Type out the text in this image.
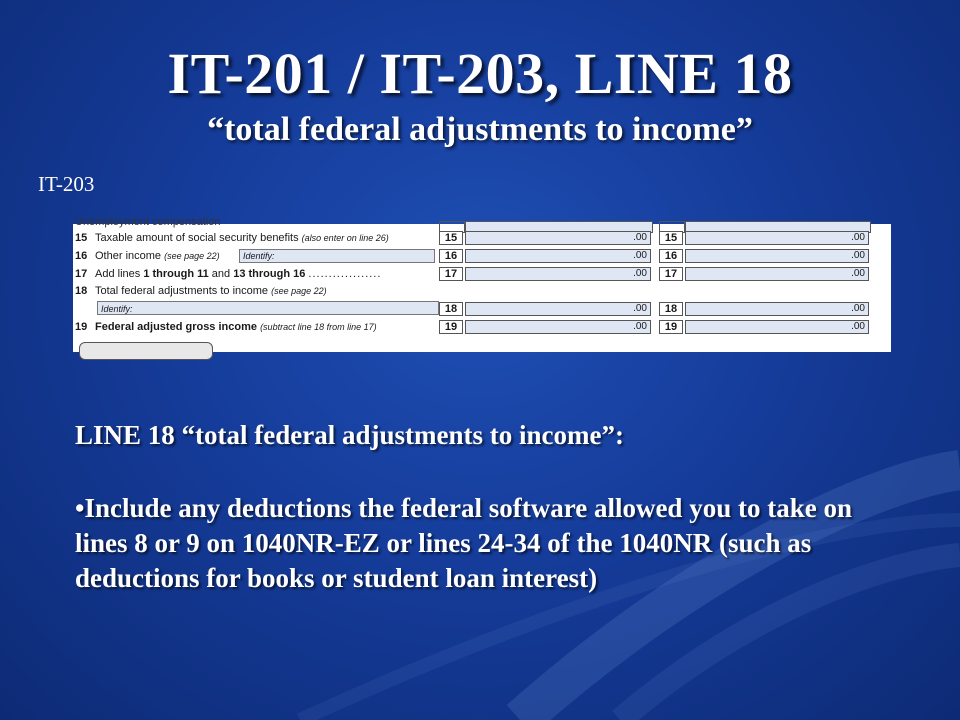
IT-201 / IT-203, LINE 18
“total federal adjustments to income”
IT-203
Unemployment compensation
15 Taxable amount of social security benefits (also enter on line 26)	15	.00	15	.00
16 Other income (see page 22)	Identify:	16	.00	16	.00
17 Add lines 1 through 11 and 13 through 16 ..................	17	.00	17	.00
18 Total federal adjustments to income (see page 22)
Identify:	18	.00	18	.00
19 Federal adjusted gross income (subtract line 18 from line 17)	19	.00	19	.00

LINE 18 “total federal adjustments to income”:

•Include any deductions the federal software allowed you to take on lines 8 or 9 on 1040NR-EZ or lines 24-34 of the 1040NR (such as deductions for books or student loan interest)
